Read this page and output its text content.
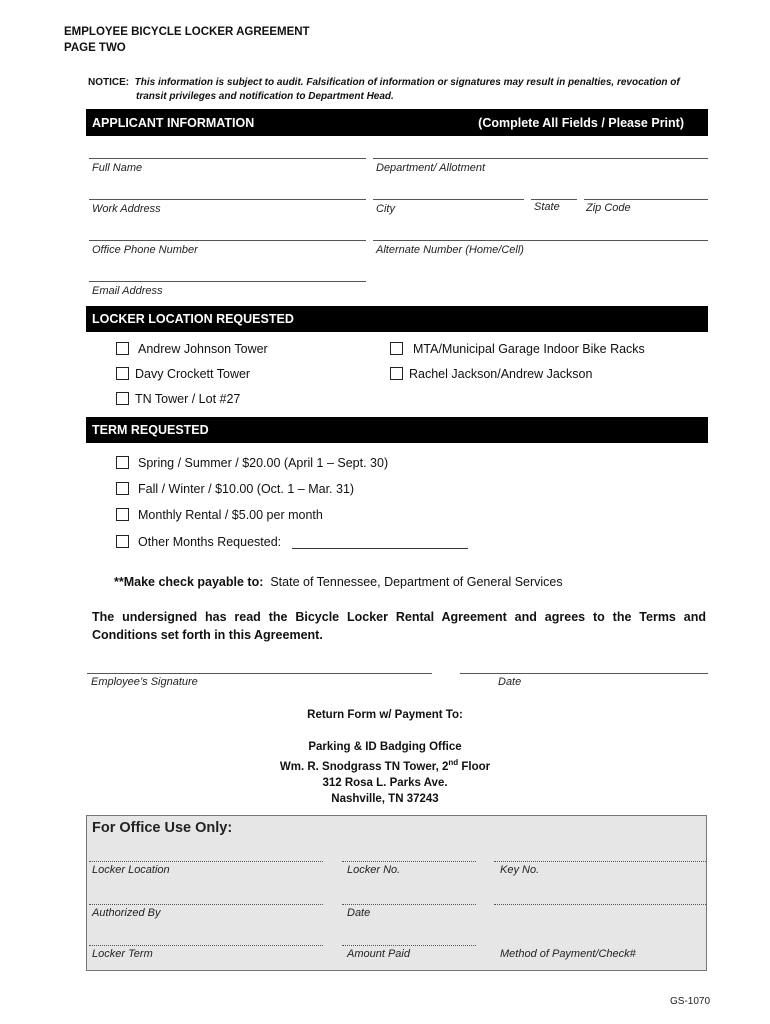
EMPLOYEE BICYCLE LOCKER AGREEMENT
PAGE TWO
NOTICE: This information is subject to audit. Falsification of information or signatures may result in penalties, revocation of
transit privileges and notification to Department Head.
APPLICANT INFORMATION	(Complete All Fields / Please Print)
Full Name	Department/ Allotment
Work Address	City	State Zip Code
Office Phone Number	Alternate Number (Home/Cell)
Email Address
LOCKER LOCATION REQUESTED
Andrew Johnson Tower
Davy Crockett Tower
TN Tower / Lot #27
MTA/Municipal Garage Indoor Bike Racks
Rachel Jackson/Andrew Jackson
TERM REQUESTED
Spring / Summer / $20.00 (April 1 – Sept. 30)
Fall / Winter / $10.00 (Oct. 1 – Mar. 31)
Monthly Rental / $5.00 per month
Other Months Requested:
**Make check payable to: State of Tennessee, Department of General Services
The undersigned has read the Bicycle Locker Rental Agreement and agrees to the Terms and
Conditions set forth in this Agreement.
Employee’s Signature	Date
Return Form w/ Payment To:
Parking & ID Badging Office
Wm. R. Snodgrass TN Tower, 2nd Floor
312 Rosa L. Parks Ave.
Nashville, TN 37243
For Office Use Only:
Locker Location	Locker No.	Key No.
Authorized By	Date
Locker Term	Amount Paid	Method of Payment/Check#
GS-1070
